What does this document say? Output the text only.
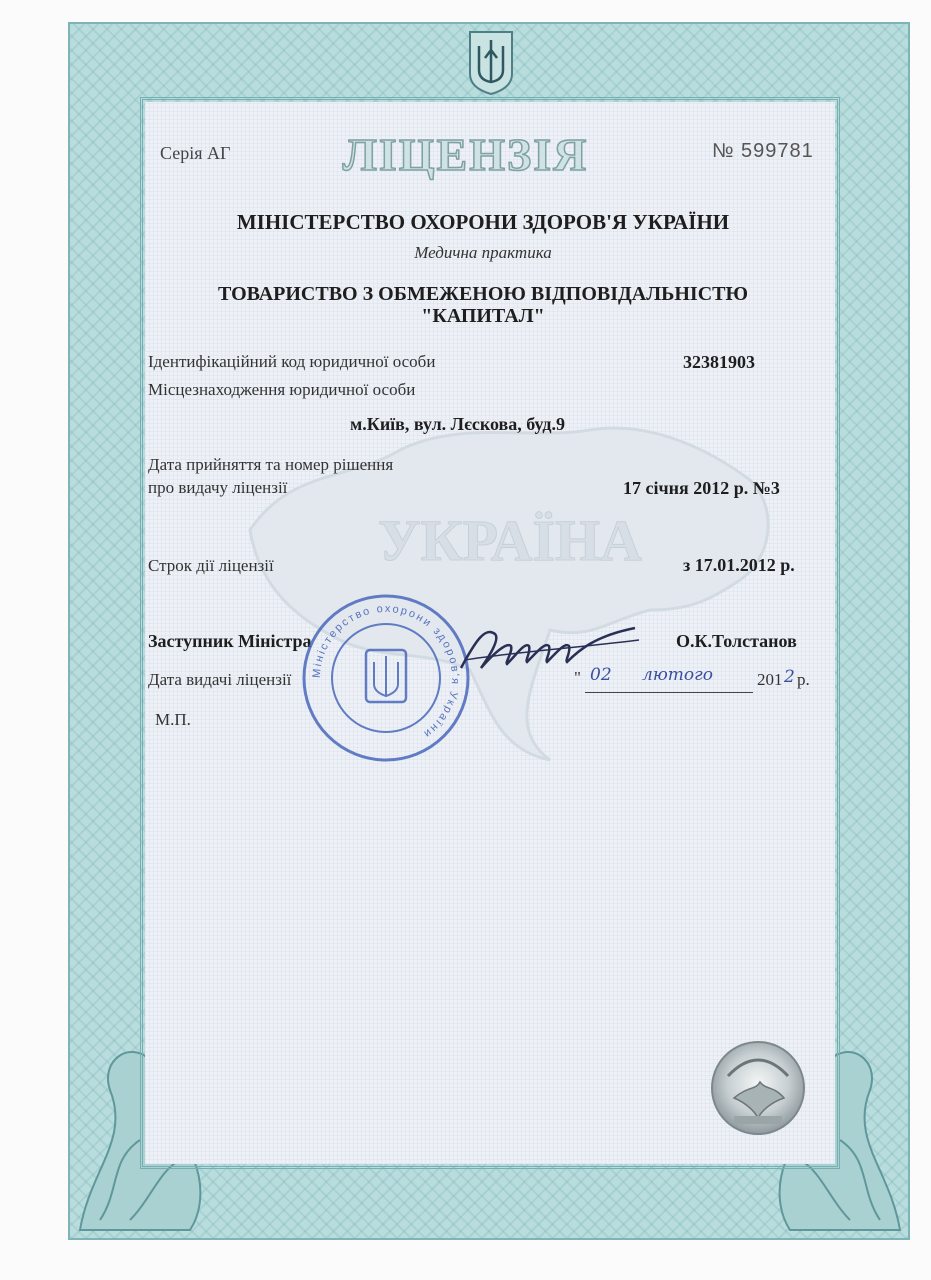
УКРАЇНА
Серія АГ	ЛІЦЕНЗІЯ	№ 599781
МІНІСТЕРСТВО ОХОРОНИ ЗДОРОВ'Я УКРАЇНИ
Медична практика
ТОВАРИСТВО З ОБМЕЖЕНОЮ ВІДПОВІДАЛЬНІСТЮ
"КАПИТАЛ"
Ідентифікаційний код юридичної особи	32381903
Місцезнаходження юридичної особи
м.Київ, вул. Лєскова, буд.9
Дата прийняття та номер рішення
про видачу ліцензії	17 січня 2012 р. №3
Строк дії ліцензії	з 17.01.2012 р.
Заступник Міністра	О.К.Толстанов
Дата видачі ліцензії	" 02 лютого	201 2 р.
М.П.
Міністерство охорони здоров'я України
